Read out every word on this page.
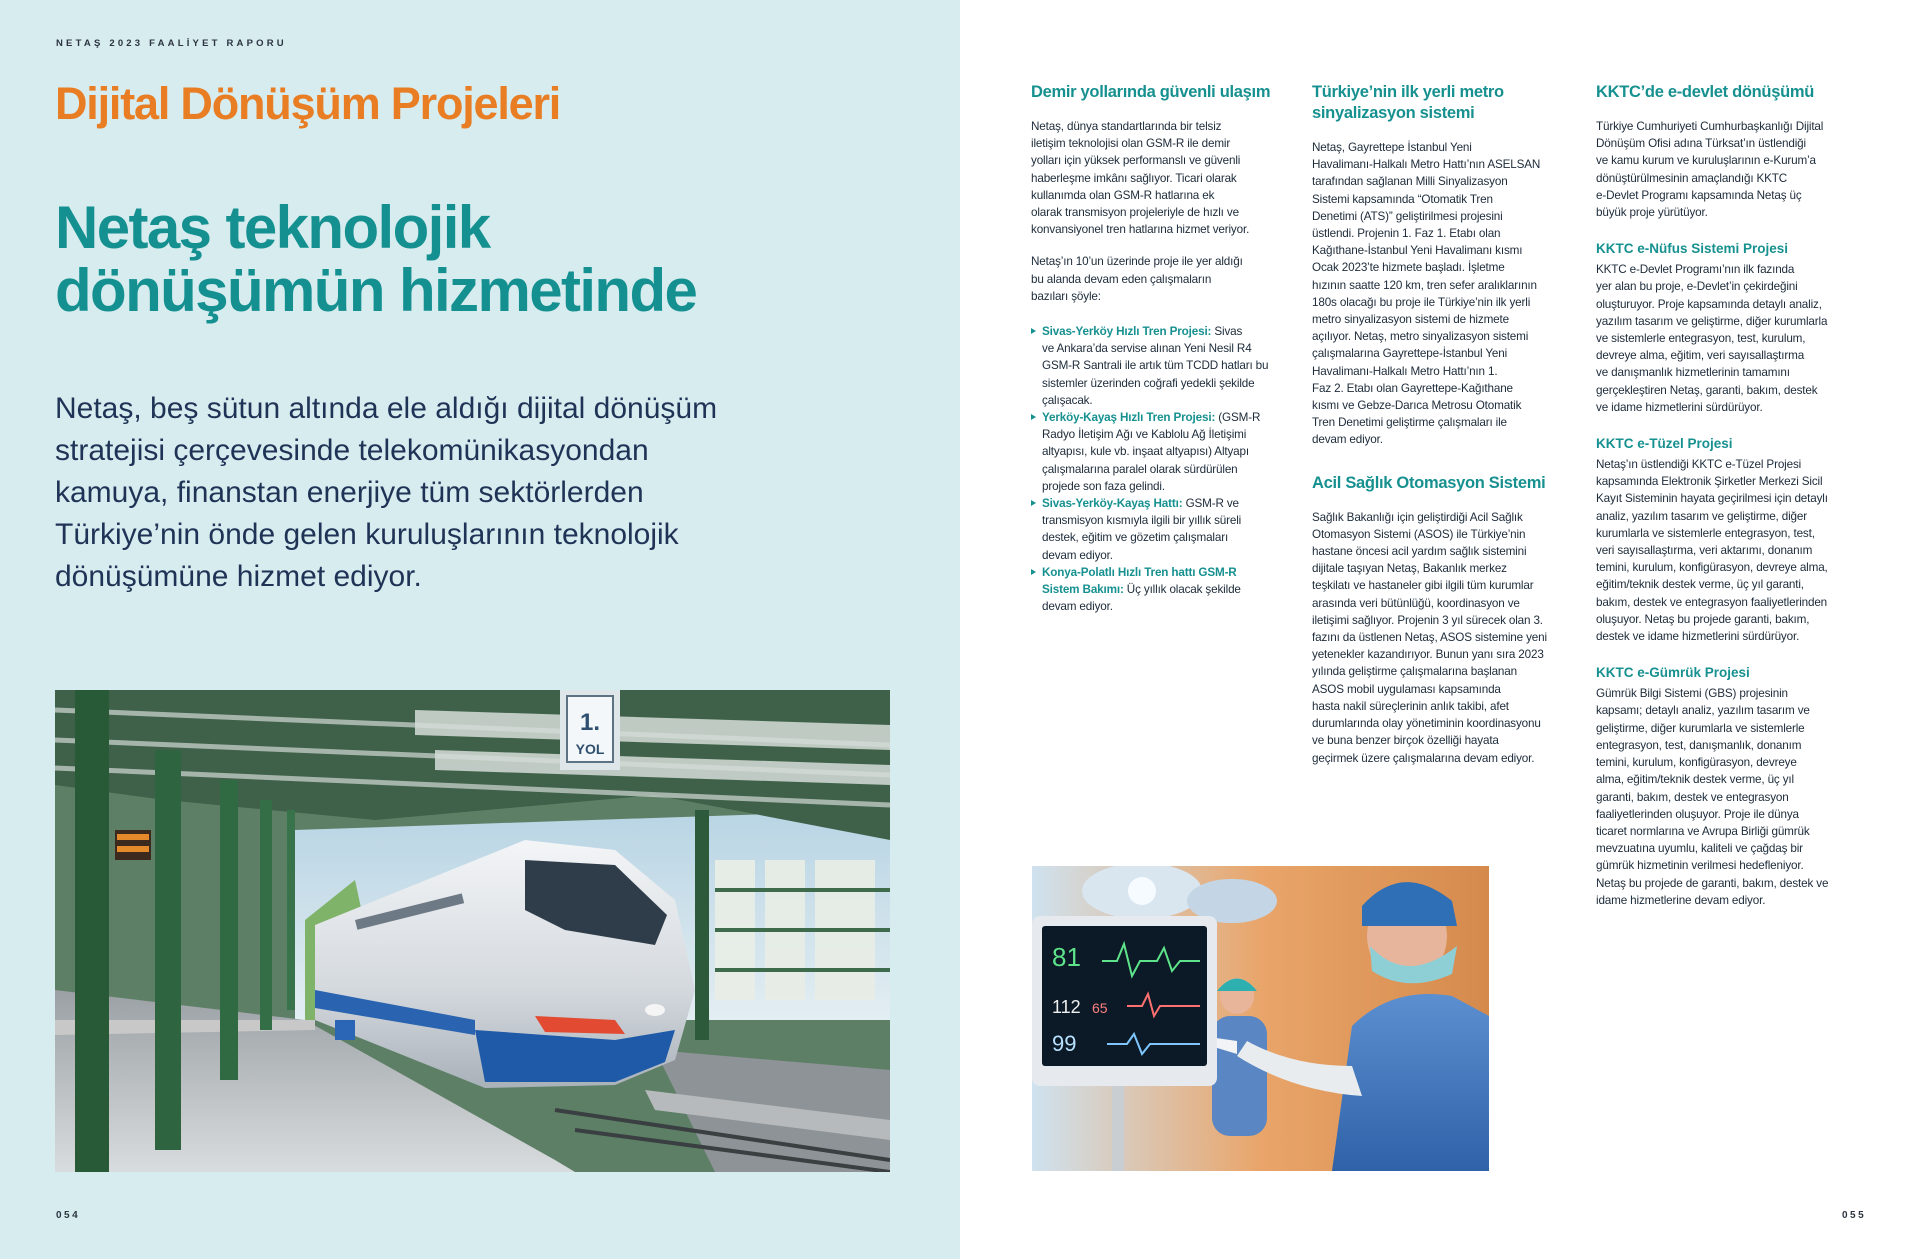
NETAŞ 2023 FAALİYET RAPORU
Dijital Dönüşüm Projeleri
Netaş teknolojik
dönüşümün hizmetinde

Netaş, beş sütun altında ele aldığı dijital dönüşüm
stratejisi çerçevesinde telekomünikasyondan
kamuya, finanstan enerjiye tüm sektörlerden
Türkiye’nin önde gelen kuruluşlarının teknolojik
dönüşümüne hizmet ediyor.

1.
YOL
054
Demir yollarında güvenli ulaşım

Netaş, dünya standartlarında bir telsiz
iletişim teknolojisi olan GSM-R ile demir
yolları için yüksek performanslı ve güvenli
haberleşme imkânı sağlıyor. Ticari olarak
kullanımda olan GSM-R hatlarına ek
olarak transmisyon projeleriyle de hızlı ve
konvansiyonel tren hatlarına hizmet veriyor.

Netaş’ın 10’un üzerinde proje ile yer aldığı
bu alanda devam eden çalışmaların
bazıları şöyle:

Sivas-Yerköy Hızlı Tren Projesi: Sivas
ve Ankara’da servise alınan Yeni Nesil R4
GSM-R Santrali ile artık tüm TCDD hatları bu
sistemler üzerinden coğrafi yedekli şekilde
çalışacak.
Yerköy-Kayaş Hızlı Tren Projesi: (GSM-R
Radyo İletişim Ağı ve Kablolu Ağ İletişimi
altyapısı, kule vb. inşaat altyapısı) Altyapı
çalışmalarına paralel olarak sürdürülen
projede son faza gelindi.
Sivas-Yerköy-Kayaş Hattı: GSM-R ve
transmisyon kısmıyla ilgili bir yıllık süreli
destek, eğitim ve gözetim çalışmaları
devam ediyor.
Konya-Polatlı Hızlı Tren hattı GSM-R
Sistem Bakımı: Üç yıllık olacak şekilde
devam ediyor.
Türkiye’nin ilk yerli metro
sinyalizasyon sistemi

Netaş, Gayrettepe İstanbul Yeni
Havalimanı-Halkalı Metro Hattı’nın ASELSAN
tarafından sağlanan Milli Sinyalizasyon
Sistemi kapsamında “Otomatik Tren
Denetimi (ATS)” geliştirilmesi projesini
üstlendi. Projenin 1. Faz 1. Etabı olan
Kağıthane-İstanbul Yeni Havalimanı kısmı
Ocak 2023’te hizmete başladı. İşletme
hızının saatte 120 km, tren sefer aralıklarının
180s olacağı bu proje ile Türkiye’nin ilk yerli
metro sinyalizasyon sistemi de hizmete
açılıyor. Netaş, metro sinyalizasyon sistemi
çalışmalarına Gayrettepe-İstanbul Yeni
Havalimanı-Halkalı Metro Hattı’nın 1.
Faz 2. Etabı olan Gayrettepe-Kağıthane
kısmı ve Gebze-Darıca Metrosu Otomatik
Tren Denetimi geliştirme çalışmaları ile
devam ediyor.

Acil Sağlık Otomasyon Sistemi

Sağlık Bakanlığı için geliştirdiği Acil Sağlık
Otomasyon Sistemi (ASOS) ile Türkiye’nin
hastane öncesi acil yardım sağlık sistemini
dijitale taşıyan Netaş, Bakanlık merkez
teşkilatı ve hastaneler gibi ilgili tüm kurumlar
arasında veri bütünlüğü, koordinasyon ve
iletişimi sağlıyor. Projenin 3 yıl sürecek olan 3.
fazını da üstlenen Netaş, ASOS sistemine yeni
yetenekler kazandırıyor. Bunun yanı sıra 2023
yılında geliştirme çalışmalarına başlanan
ASOS mobil uygulaması kapsamında
hasta nakil süreçlerinin anlık takibi, afet
durumlarında olay yönetiminin koordinasyonu
ve buna benzer birçok özelliği hayata
geçirmek üzere çalışmalarına devam ediyor.

KKTC’de e-devlet dönüşümü

Türkiye Cumhuriyeti Cumhurbaşkanlığı Dijital
Dönüşüm Ofisi adına Türksat’ın üstlendiği
ve kamu kurum ve kuruluşlarının e-Kurum’a
dönüştürülmesinin amaçlandığı KKTC
e-Devlet Programı kapsamında Netaş üç
büyük proje yürütüyor.

KKTC e-Nüfus Sistemi Projesi

KKTC e-Devlet Programı’nın ilk fazında
yer alan bu proje, e-Devlet’in çekirdeğini
oluşturuyor. Proje kapsamında detaylı analiz,
yazılım tasarım ve geliştirme, diğer kurumlarla
ve sistemlerle entegrasyon, test, kurulum,
devreye alma, eğitim, veri sayısallaştırma
ve danışmanlık hizmetlerinin tamamını
gerçekleştiren Netaş, garanti, bakım, destek
ve idame hizmetlerini sürdürüyor.

KKTC e-Tüzel Projesi

Netaş’ın üstlendiği KKTC e-Tüzel Projesi
kapsamında Elektronik Şirketler Merkezi Sicil
Kayıt Sisteminin hayata geçirilmesi için detaylı
analiz, yazılım tasarım ve geliştirme, diğer
kurumlarla ve sistemlerle entegrasyon, test,
veri sayısallaştırma, veri aktarımı, donanım
temini, kurulum, konfigürasyon, devreye alma,
eğitim/teknik destek verme, üç yıl garanti,
bakım, destek ve entegrasyon faaliyetlerinden
oluşuyor. Netaş bu projede garanti, bakım,
destek ve idame hizmetlerini sürdürüyor.

KKTC e-Gümrük Projesi

Gümrük Bilgi Sistemi (GBS) projesinin
kapsamı; detaylı analiz, yazılım tasarım ve
geliştirme, diğer kurumlarla ve sistemlerle
entegrasyon, test, danışmanlık, donanım
temini, kurulum, konfigürasyon, devreye
alma, eğitim/teknik destek verme, üç yıl
garanti, bakım, destek ve entegrasyon
faaliyetlerinden oluşuyor. Proje ile dünya
ticaret normlarına ve Avrupa Birliği gümrük
mevzuatına uyumlu, kaliteli ve çağdaş bir
gümrük hizmetinin verilmesi hedefleniyor.
Netaş bu projede de garanti, bakım, destek ve
idame hizmetlerine devam ediyor.

81
112 65
99
055
